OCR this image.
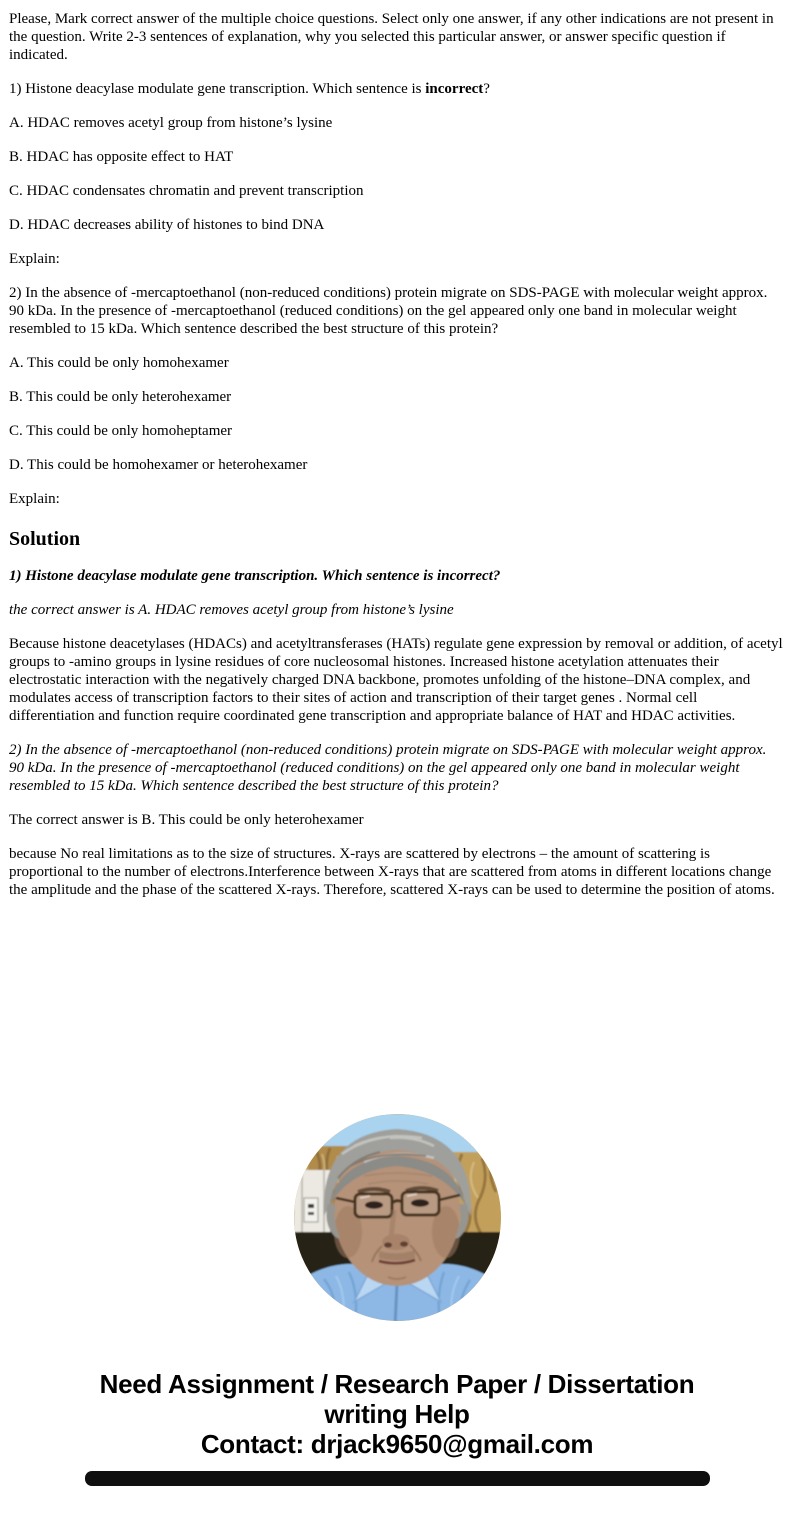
Please, Mark correct answer of the multiple choice questions. Select only one answer, if any other indications are not present in the question. Write 2-3 sentences of explanation, why you selected this particular answer, or answer specific question if indicated.

1) Histone deacylase modulate gene transcription. Which sentence is incorrect?

A. HDAC removes acetyl group from histone’s lysine

B. HDAC has opposite effect to HAT

C. HDAC condensates chromatin and prevent transcription

D. HDAC decreases ability of histones to bind DNA

Explain:

2) In the absence of -mercaptoethanol (non-reduced conditions) protein migrate on SDS-PAGE with molecular weight approx. 90 kDa. In the presence of -mercaptoethanol (reduced conditions) on the gel appeared only one band in molecular weight resembled to 15 kDa. Which sentence described the best structure of this protein?

A. This could be only homohexamer

B. This could be only heterohexamer

C. This could be only homoheptamer

D. This could be homohexamer or heterohexamer

Explain:

Solution

1) Histone deacylase modulate gene transcription. Which sentence is incorrect?

the correct answer is A. HDAC removes acetyl group from histone’s lysine

Because histone deacetylases (HDACs) and acetyltransferases (HATs) regulate gene expression by removal or addition, of acetyl groups to -amino groups in lysine residues of core nucleosomal histones. Increased histone acetylation attenuates their electrostatic interaction with the negatively charged DNA backbone, promotes unfolding of the histone–DNA complex, and modulates access of transcription factors to their sites of action and transcription of their target genes . Normal cell differentiation and function require coordinated gene transcription and appropriate balance of HAT and HDAC activities.

2) In the absence of -mercaptoethanol (non-reduced conditions) protein migrate on SDS-PAGE with molecular weight approx. 90 kDa. In the presence of -mercaptoethanol (reduced conditions) on the gel appeared only one band in molecular weight resembled to 15 kDa. Which sentence described the best structure of this protein?

The correct answer is B. This could be only heterohexamer

because No real limitations as to the size of structures. X-rays are scattered by electrons – the amount of scattering is proportional to the number of electrons.Interference between X-rays that are scattered from atoms in different locations change the amplitude and the phase of the scattered X-rays. Therefore, scattered X-rays can be used to determine the position of atoms.

Need Assignment / Research Paper / Dissertation
writing Help
Contact: drjack9650@gmail.com
